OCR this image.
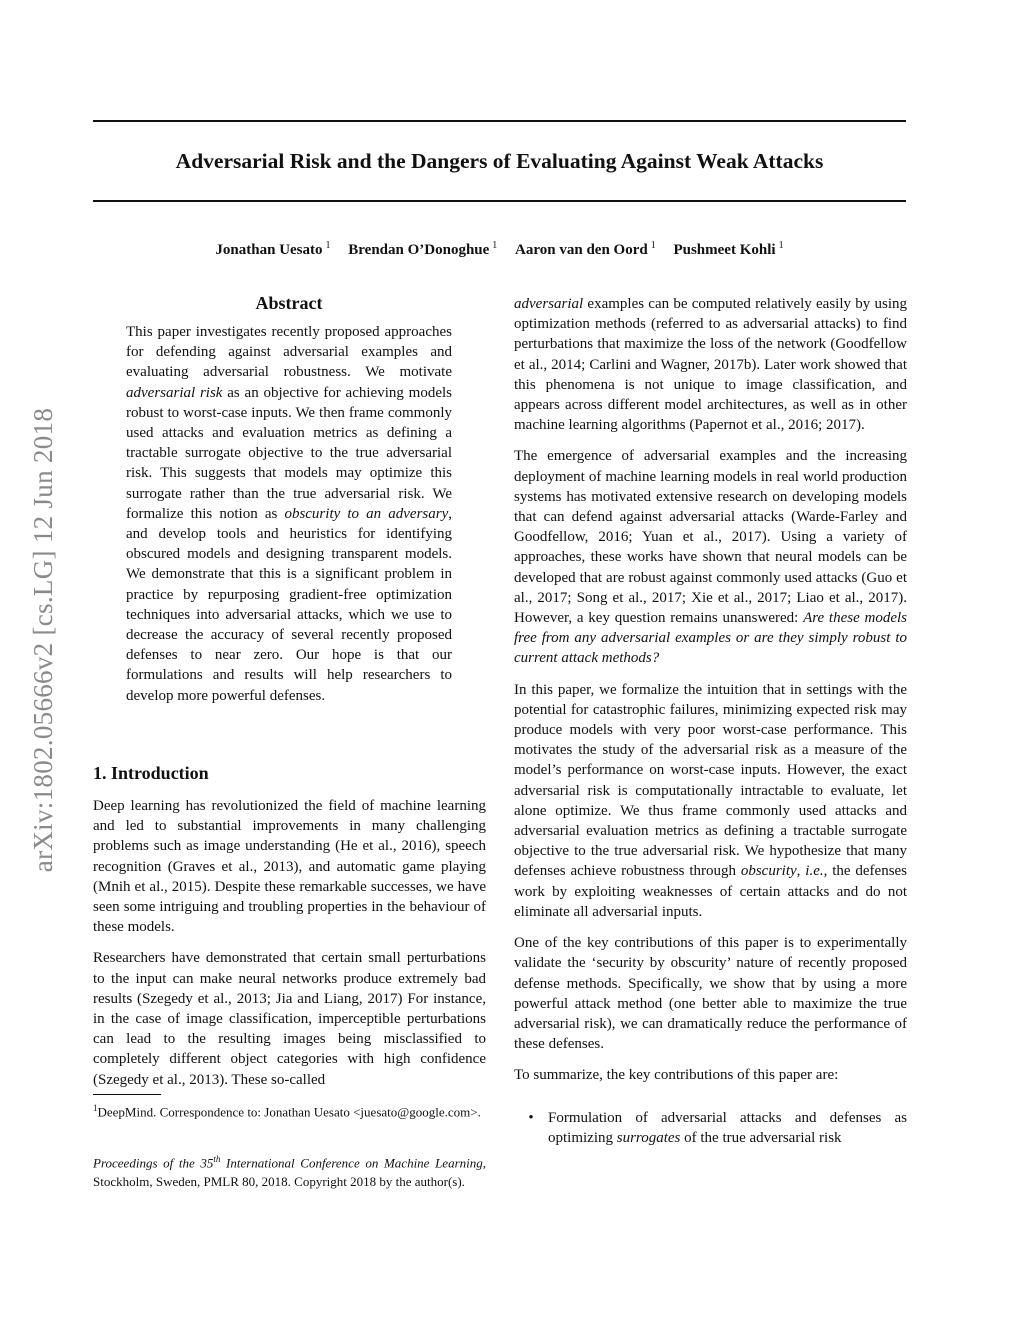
Adversarial Risk and the Dangers of Evaluating Against Weak Attacks
Jonathan Uesato $^1$ Brendan O’Donoghue $^1$ Aaron van den Oord $^1$ Pushmeet Kohli $^1$
arXiv:1802.05666v2 [cs.LG] 12 Jun 2018
Abstract

This paper investigates recently proposed approaches for defending against adversarial examples and evaluating adversarial robustness. We motivate adversarial risk as an objective for achieving models robust to worst-case inputs. We then frame commonly used attacks and evaluation metrics as defining a tractable surrogate objective to the true adversarial risk. This suggests that models may optimize this surrogate rather than the true adversarial risk. We formalize this notion as obscurity to an adversary, and develop tools and heuristics for identifying obscured models and designing transparent models. We demonstrate that this is a significant problem in practice by repurposing gradient-free optimization techniques into adversarial attacks, which we use to decrease the accuracy of several recently proposed defenses to near zero. Our hope is that our formulations and results will help researchers to develop more powerful defenses.

1. Introduction

Deep learning has revolutionized the field of machine learning and led to substantial improvements in many challenging problems such as image understanding (He et al., 2016), speech recognition (Graves et al., 2013), and automatic game playing (Mnih et al., 2015). Despite these remarkable successes, we have seen some intriguing and troubling properties in the behaviour of these models.

Researchers have demonstrated that certain small perturbations to the input can make neural networks produce extremely bad results (Szegedy et al., 2013; Jia and Liang, 2017) For instance, in the case of image classification, imperceptible perturbations can lead to the resulting images being misclassified to completely different object categories with high confidence (Szegedy et al., 2013). These so-called

$^1$DeepMind. Correspondence to: Jonathan Uesato <juesato@google.com>.

Proceedings of the 35th International Conference on Machine Learning, Stockholm, Sweden, PMLR 80, 2018. Copyright 2018 by the author(s).

adversarial examples can be computed relatively easily by using optimization methods (referred to as adversarial attacks) to find perturbations that maximize the loss of the network (Goodfellow et al., 2014; Carlini and Wagner, 2017b). Later work showed that this phenomena is not unique to image classification, and appears across different model architectures, as well as in other machine learning algorithms (Papernot et al., 2016; 2017).

The emergence of adversarial examples and the increasing deployment of machine learning models in real world production systems has motivated extensive research on developing models that can defend against adversarial attacks (Warde-Farley and Goodfellow, 2016; Yuan et al., 2017). Using a variety of approaches, these works have shown that neural models can be developed that are robust against commonly used attacks (Guo et al., 2017; Song et al., 2017; Xie et al., 2017; Liao et al., 2017). However, a key question remains unanswered: Are these models free from any adversarial examples or are they simply robust to current attack methods?

In this paper, we formalize the intuition that in settings with the potential for catastrophic failures, minimizing expected risk may produce models with very poor worst-case performance. This motivates the study of the adversarial risk as a measure of the model’s performance on worst-case inputs. However, the exact adversarial risk is computationally intractable to evaluate, let alone optimize. We thus frame commonly used attacks and adversarial evaluation metrics as defining a tractable surrogate objective to the true adversarial risk. We hypothesize that many defenses achieve robustness through obscurity, i.e., the defenses work by exploiting weaknesses of certain attacks and do not eliminate all adversarial inputs.

One of the key contributions of this paper is to experimentally validate the ‘security by obscurity’ nature of recently proposed defense methods. Specifically, we show that by using a more powerful attack method (one better able to maximize the true adversarial risk), we can dramatically reduce the performance of these defenses.

To summarize, the key contributions of this paper are:

• Formulation of adversarial attacks and defenses as optimizing surrogates of the true adversarial risk
